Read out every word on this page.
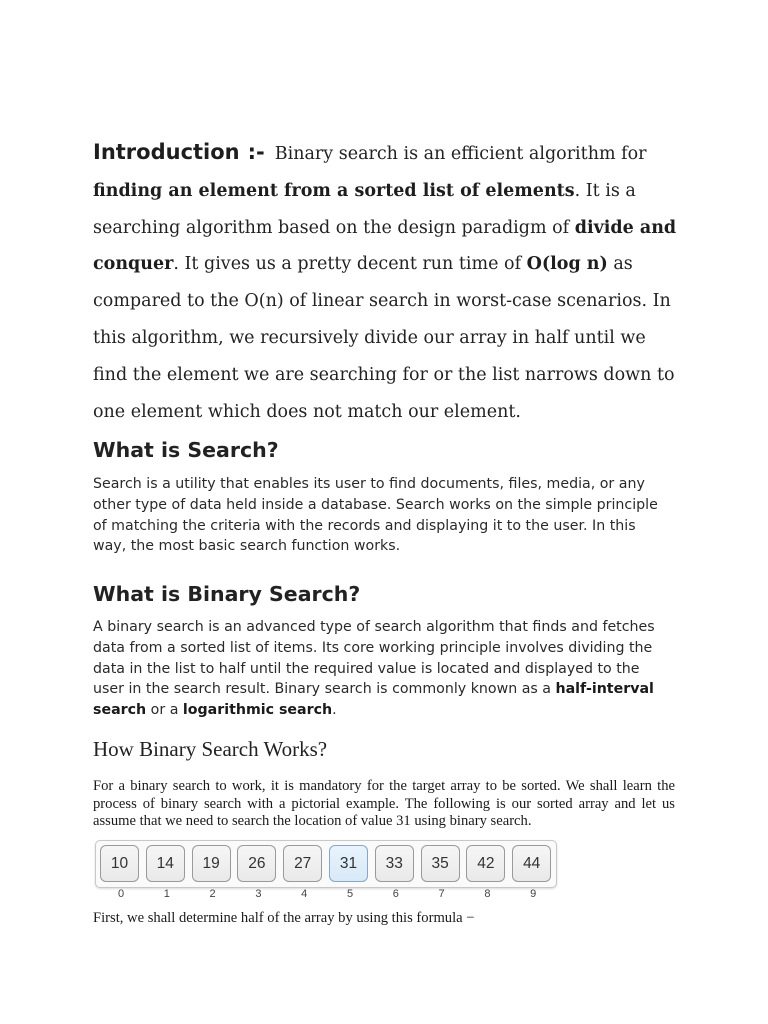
Introduction :- Binary search is an efficient algorithm for finding an element from a sorted list of elements. It is a searching algorithm based on the design paradigm of divide and conquer. It gives us a pretty decent run time of O(log n) as compared to the O(n) of linear search in worst-case scenarios. In this algorithm, we recursively divide our array in half until we find the element we are searching for or the list narrows down to one element which does not match our element.
What is Search?

Search is a utility that enables its user to find documents, files, media, or any other type of data held inside a database. Search works on the simple principle of matching the criteria with the records and displaying it to the user. In this way, the most basic search function works.

What is Binary Search?

A binary search is an advanced type of search algorithm that finds and fetches data from a sorted list of items. Its core working principle involves dividing the data in the list to half until the required value is located and displayed to the user in the search result. Binary search is commonly known as a half-interval search or a logarithmic search.

How Binary Search Works?

For a binary search to work, it is mandatory for the target array to be sorted. We shall learn the process of binary search with a pictorial example. The following is our sorted array and let us assume that we need to search the location of value 31 using binary search.

10	14	19	26	27	31	33	35	42	44
0	1	2	3	4	5	6	7	8	9

First, we shall determine half of the array by using this formula −
